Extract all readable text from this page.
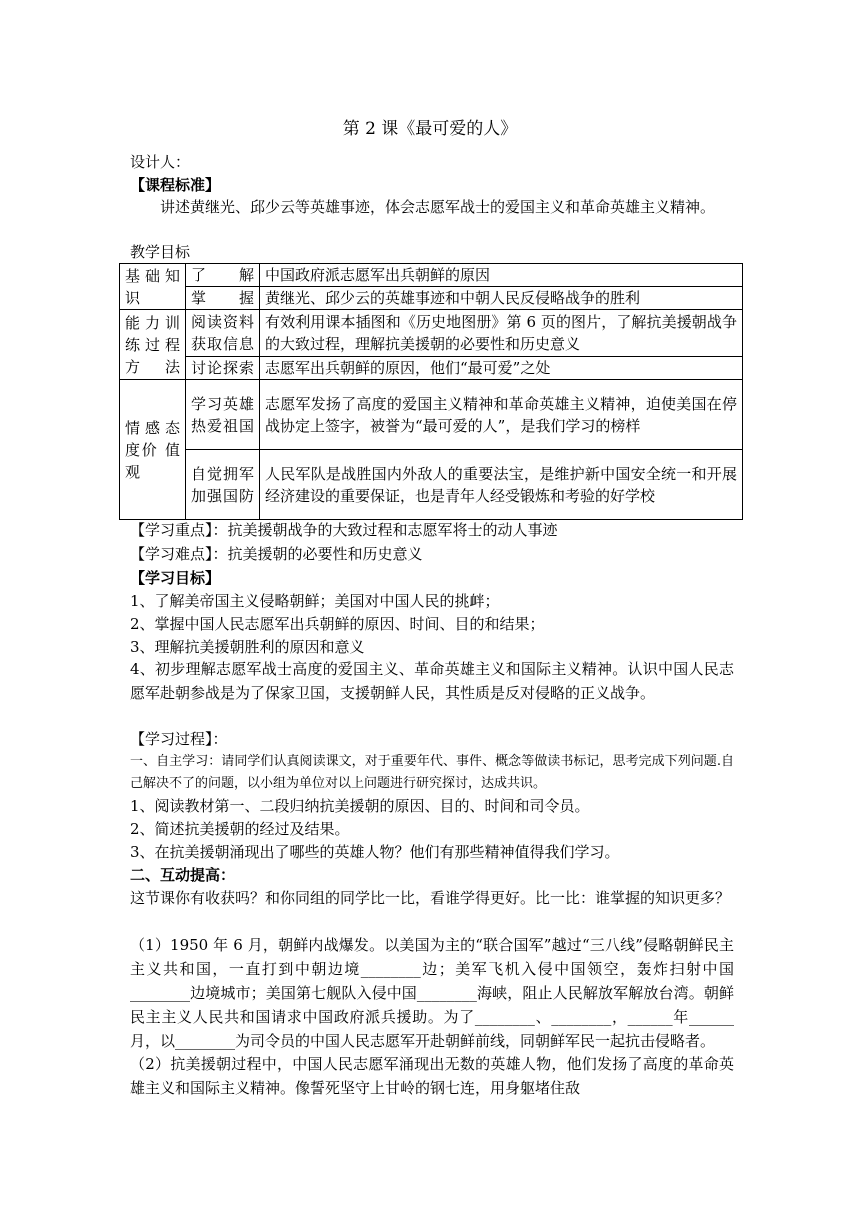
第 2 课《最可爱的人》
设计人：
【课程标准】
讲述黄继光、邱少云等英雄事迹，体会志愿军战士的爱国主义和革命英雄主义精神。
教学目标
基础知识	了　　解	中国政府派志愿军出兵朝鲜的原因
	掌　　握	黄继光、邱少云的英雄事迹和中朝人民反侵略战争的胜利
能力训练过程方法	阅读资料获取信息	有效利用课本插图和《历史地图册》第 6 页的图片，了解抗美援朝战争的大致过程，理解抗美援朝的必要性和历史意义
	讨论探索	志愿军出兵朝鲜的原因，他们“最可爱”之处
情感态度价 值观	学习英雄热爱祖国	志愿军发扬了高度的爱国主义精神和革命英雄主义精神，迫使美国在停战协定上签字，被誉为“最可爱的人”，是我们学习的榜样
	自觉拥军加强国防	人民军队是战胜国内外敌人的重要法宝，是维护新中国安全统一和开展经济建设的重要保证，也是青年人经受锻炼和考验的好学校
【学习重点】：抗美援朝战争的大致过程和志愿军将士的动人事迹
【学习难点】：抗美援朝的必要性和历史意义
【学习目标】
1、了解美帝国主义侵略朝鲜；美国对中国人民的挑衅；
2、掌握中国人民志愿军出兵朝鲜的原因、时间、目的和结果；
3、理解抗美援朝胜利的原因和意义
4、初步理解志愿军战士高度的爱国主义、革命英雄主义和国际主义精神。认识中国人民志愿军赴朝参战是为了保家卫国，支援朝鲜人民，其性质是反对侵略的正义战争。
【学习过程】：
一、自主学习：请同学们认真阅读课文，对于重要年代、事件、概念等做读书标记，思考完成下列问题.自己解决不了的问题，以小组为单位对以上问题进行研究探讨，达成共识。
1、阅读教材第一、二段归纳抗美援朝的原因、目的、时间和司令员。
2、简述抗美援朝的经过及结果。
3、在抗美援朝涌现出了哪些的英雄人物？他们有那些精神值得我们学习。
二、互动提高：
这节课你有收获吗？和你同组的同学比一比，看谁学得更好。比一比：谁掌握的知识更多？
（1）1950 年 6 月，朝鲜内战爆发。以美国为主的“联合国军”越过“三八线”侵略朝鲜民主主义共和国，一直打到中朝边境________边；美军飞机入侵中国领空，轰炸扫射中国________边境城市；美国第七舰队入侵中国________海峡，阻止人民解放军解放台湾。朝鲜民主主义人民共和国请求中国政府派兵援助。为了________、________，______年______月，以________为司令员的中国人民志愿军开赴朝鲜前线，同朝鲜军民一起抗击侵略者。
（2）抗美援朝过程中，中国人民志愿军涌现出无数的英雄人物，他们发扬了高度的革命英雄主义和国际主义精神。像誓死坚守上甘岭的钢七连，用身躯堵住敌
